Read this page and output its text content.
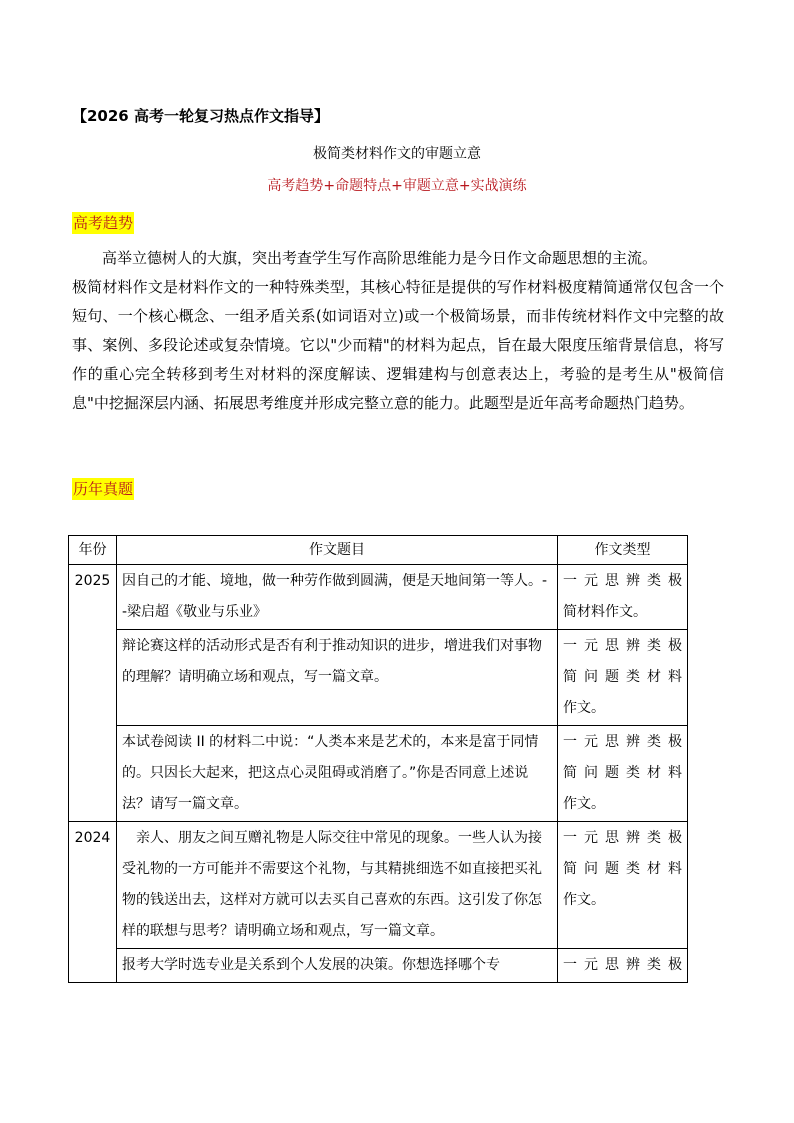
【2026 高考一轮复习热点作文指导】
极简类材料作文的审题立意
高考趋势+命题特点+审题立意+实战演练
高考趋势

高举立德树人的大旗，突出考查学生写作高阶思维能力是今日作文命题思想的主流。

极简材料作文是材料作文的一种特殊类型，其核心特征是提供的写作材料极度精简通常仅包含一个短句、一个核心概念、一组矛盾关系(如词语对立)或一个极简场景，而非传统材料作文中完整的故事、案例、多段论述或复杂情境。它以"少而精"的材料为起点，旨在最大限度压缩背景信息，将写作的重心完全转移到考生对材料的深度解读、逻辑建构与创意表达上，考验的是考生从"极简信息"中挖掘深层内涵、拓展思考维度并形成完整立意的能力。此题型是近年高考命题热门趋势。

历年真题
年份	作文题目	作文类型
2025	因自己的才能、境地，做一种劳作做到圆满，便是天地间第一等人。--梁启超《敬业与乐业》	一元思辨类极
简材料作文。

	辩论赛这样的活动形式是否有利于推动知识的进步，增进我们对事物的理解？请明确立场和观点，写一篇文章。	一元思辨类极
简问题类材料
作文。

	本试卷阅读 II 的材料二中说：“人类本来是艺术的，本来是富于同情的。只因长大起来，把这点心灵阻碍或消磨了。”你是否同意上述说法？请写一篇文章。	一元思辨类极
简问题类材料
作文。

2024	亲人、朋友之间互赠礼物是人际交往中常见的现象。一些人认为接受礼物的一方可能并不需要这个礼物，与其精挑细选不如直接把买礼物的钱送出去，这样对方就可以去买自己喜欢的东西。这引发了你怎样的联想与思考？请明确立场和观点，写一篇文章。	一元思辨类极
简问题类材料
作文。

	报考大学时选专业是关系到个人发展的决策。你想选择哪个专	一元思辨类极
